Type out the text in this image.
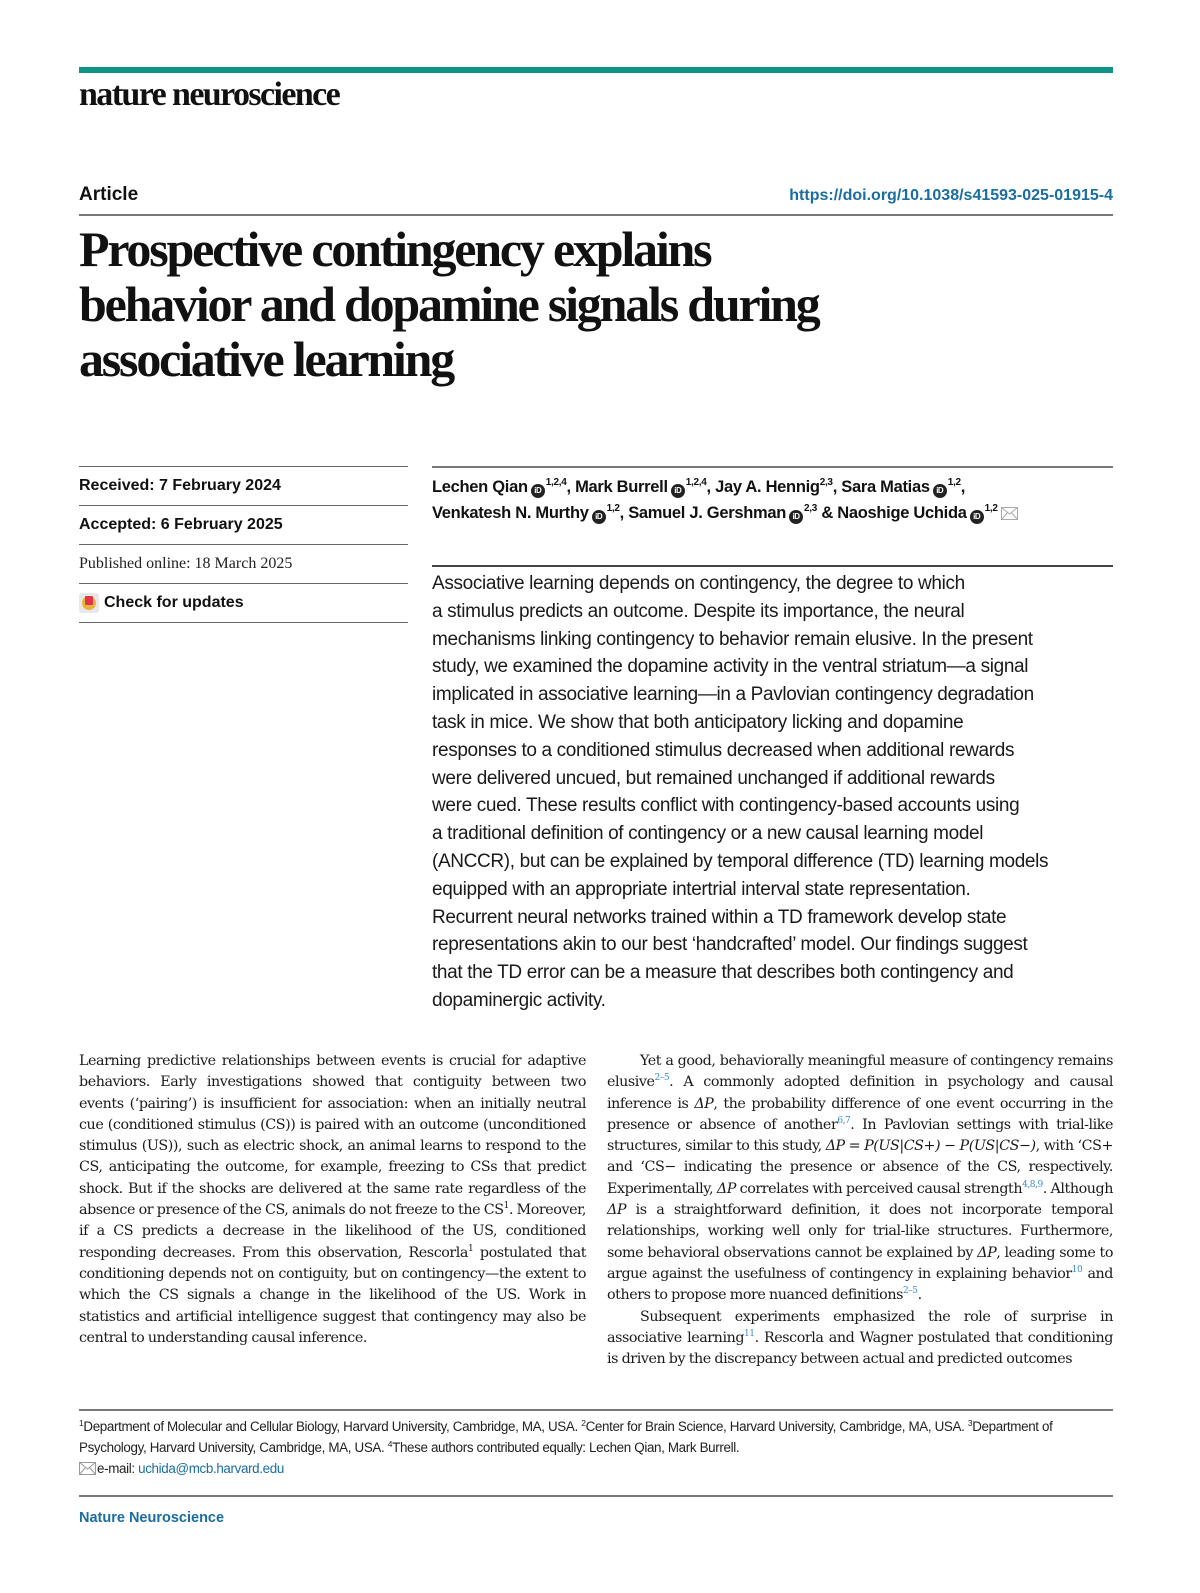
nature neuroscience
Article	https://doi.org/10.1038/s41593-025-01915-4
Prospective contingency explains
behavior and dopamine signals during
associative learning
Received: 7 February 2024
Accepted: 6 February 2025
Published online: 18 March 2025
Check for updates
Lechen Qian iD$^{1,2,4}$, Mark Burrell iD$^{1,2,4}$, Jay A. Hennig$^{2,3}$, Sara Matias iD$^{1,2}$,
Venkatesh N. Murthy iD$^{1,2}$, Samuel J. Gershman iD$^{2,3}$ & Naoshige Uchida iD$^{1,2}$
Associative learning depends on contingency, the degree to which
a stimulus predicts an outcome. Despite its importance, the neural
mechanisms linking contingency to behavior remain elusive. In the present
study, we examined the dopamine activity in the ventral striatum—a signal
implicated in associative learning—in a Pavlovian contingency degradation
task in mice. We show that both anticipatory licking and dopamine
responses to a conditioned stimulus decreased when additional rewards
were delivered uncued, but remained unchanged if additional rewards
were cued. These results conflict with contingency-based accounts using
a traditional definition of contingency or a new causal learning model
(ANCCR), but can be explained by temporal difference (TD) learning models
equipped with an appropriate intertrial interval state representation.
Recurrent neural networks trained within a TD framework develop state
representations akin to our best ‘handcrafted’ model. Our findings suggest
that the TD error can be a measure that describes both contingency and
dopaminergic activity.

Learning predictive relationships between events is crucial for adaptive behaviors. Early investigations showed that contiguity between two events (‘pairing’) is insufficient for association: when an initially neutral cue (conditioned stimulus (CS)) is paired with an outcome (unconditioned stimulus (US)), such as electric shock, an animal learns to respond to the CS, anticipating the outcome, for example, freezing to CSs that predict shock. But if the shocks are delivered at the same rate regardless of the absence or presence of the CS, animals do not freeze to the CS$^1$. Moreover, if a CS predicts a decrease in the likelihood of the US, conditioned responding decreases. From this observation, Rescorla$^1$ postulated that conditioning depends not on contiguity, but on contingency—the extent to which the CS signals a change in the likelihood of the US. Work in statistics and artificial intelligence suggest that contingency may also be central to understanding causal inference.

Yet a good, behaviorally meaningful measure of contingency remains elusive$^{2-5}$. A commonly adopted definition in psychology and causal inference is ΔP, the probability difference of one event occurring in the presence or absence of another$^{6,7}$. In Pavlovian settings with trial-like structures, similar to this study, ΔP = P(US|CS+) − P(US|CS−), with ‘CS+ and ‘CS− indicating the presence or absence of the CS, respectively. Experimentally, ΔP correlates with perceived causal strength$^{4,8,9}$. Although ΔP is a straightforward definition, it does not incorporate temporal relationships, working well only for trial-like structures. Furthermore, some behavioral observations cannot be explained by ΔP, leading some to argue against the usefulness of contingency in explaining behavior$^{10}$ and others to propose more nuanced definitions$^{2-5}$.

Subsequent experiments emphasized the role of surprise in associative learning$^{11}$. Rescorla and Wagner postulated that conditioning is driven by the discrepancy between actual and predicted outcomes

$^1$Department of Molecular and Cellular Biology, Harvard University, Cambridge, MA, USA. $^2$Center for Brain Science, Harvard University, Cambridge, MA, USA. $^3$Department of Psychology, Harvard University, Cambridge, MA, USA. $^4$These authors contributed equally: Lechen Qian, Mark Burrell.
e-mail: uchida@mcb.harvard.edu
Nature Neuroscience
